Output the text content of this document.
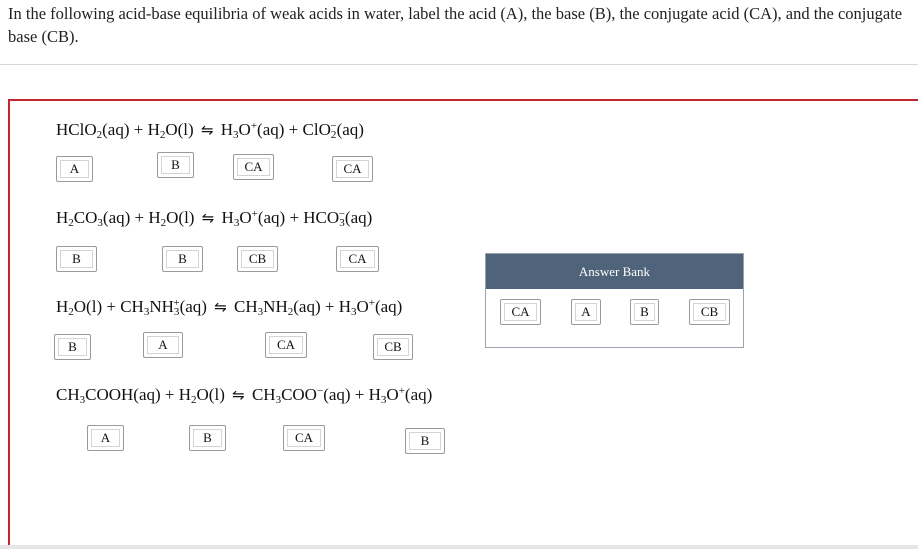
In the following acid-base equilibria of weak acids in water, label the acid (A), the base (B), the conjugate acid (CA), and the conjugate base (CB).
HClO$_2$(aq) + $H_2O(l)$ ⇋ $H_3O^+(aq) + ClO_2^-(aq)$
A	B	CA	CA
$H_2CO_3(aq) + H_2O(l)$ ⇋ $H_3O^+(aq) + HCO_3^-(aq)$
B	B	CB	CA
$H_2O(l) + CH_3NH_3^+(aq)$ ⇋ $CH_3NH_2(aq) + H_3O^+(aq)$
B	A	CA	CB
$CH_3COOH(aq) + H_2O(l)$ ⇋ $CH_3COO^-(aq) + H_3O^+(aq)$
A	B	CA	B
Answer Bank
CA	A	B	CB
